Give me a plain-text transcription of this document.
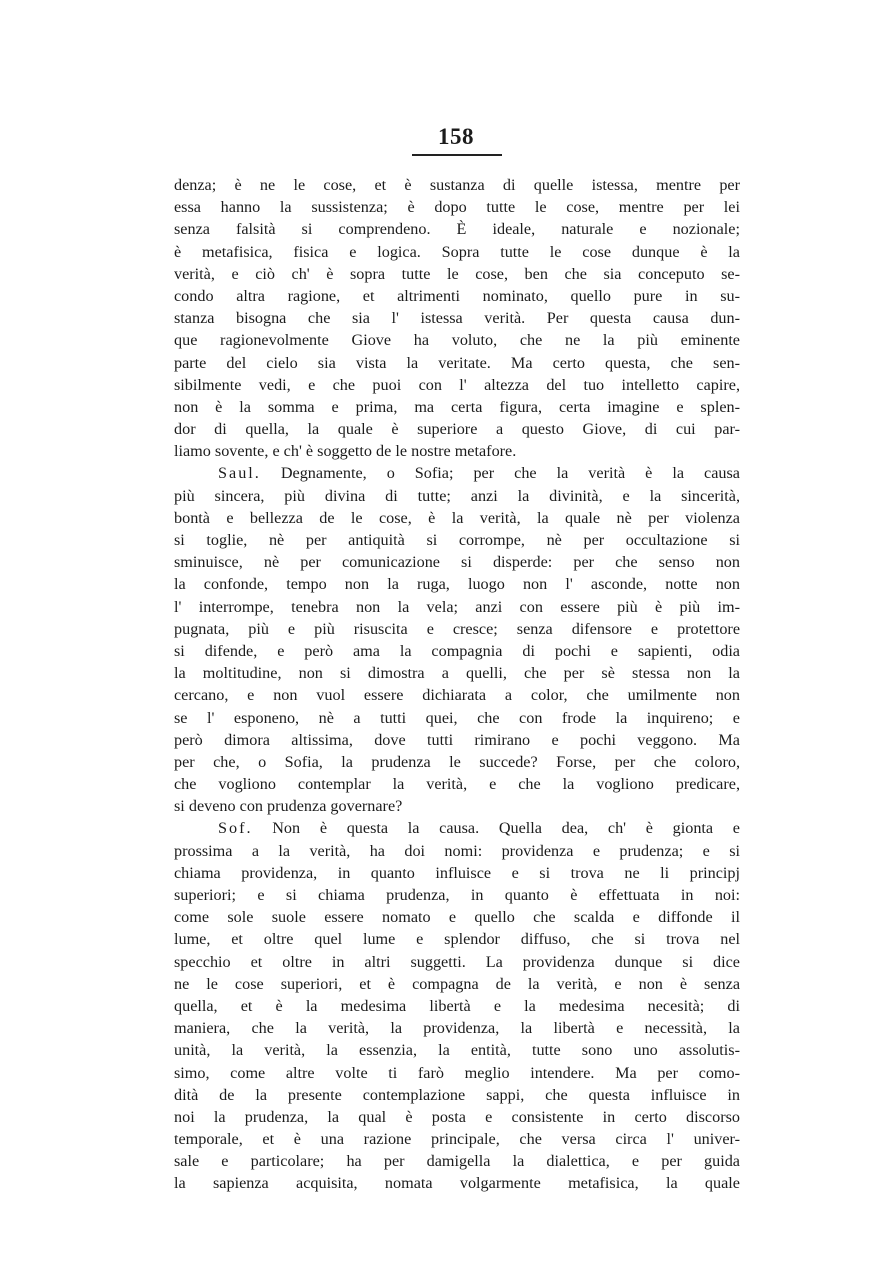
158
denza; è ne le cose, et è sustanza di quelle istessa, mentre per
essa hanno la sussistenza; è dopo tutte le cose, mentre per lei
senza falsità si comprendeno. È ideale, naturale e nozionale;
è metafisica, fisica e logica. Sopra tutte le cose dunque è la
verità, e ciò ch' è sopra tutte le cose, ben che sia conceputo se-
condo altra ragione, et altrimenti nominato, quello pure in su-
stanza bisogna che sia l' istessa verità. Per questa causa dun-
que ragionevolmente Giove ha voluto, che ne la più eminente
parte del cielo sia vista la veritate. Ma certo questa, che sen-
sibilmente vedi, e che puoi con l' altezza del tuo intelletto capire,
non è la somma e prima, ma certa figura, certa imagine e splen-
dor di quella, la quale è superiore a questo Giove, di cui par-
liamo sovente, e ch' è soggetto de le nostre metafore.
Saul. Degnamente, o Sofia; per che la verità è la causa
più sincera, più divina di tutte; anzi la divinità, e la sincerità,
bontà e bellezza de le cose, è la verità, la quale nè per violenza
si toglie, nè per antiquità si corrompe, nè per occultazione si
sminuisce, nè per comunicazione si disperde: per che senso non
la confonde, tempo non la ruga, luogo non l' asconde, notte non
l' interrompe, tenebra non la vela; anzi con essere più è più im-
pugnata, più e più risuscita e cresce; senza difensore e protettore
si difende, e però ama la compagnia di pochi e sapienti, odia
la moltitudine, non si dimostra a quelli, che per sè stessa non la
cercano, e non vuol essere dichiarata a color, che umilmente non
se l' esponeno, nè a tutti quei, che con frode la inquireno; e
però dimora altissima, dove tutti rimirano e pochi veggono. Ma
per che, o Sofia, la prudenza le succede? Forse, per che coloro,
che vogliono contemplar la verità, e che la vogliono predicare,
si deveno con prudenza governare?
Sof. Non è questa la causa. Quella dea, ch' è gionta e
prossima a la verità, ha doi nomi: providenza e prudenza; e si
chiama providenza, in quanto influisce e si trova ne li principj
superiori; e si chiama prudenza, in quanto è effettuata in noi:
come sole suole essere nomato e quello che scalda e diffonde il
lume, et oltre quel lume e splendor diffuso, che si trova nel
specchio et oltre in altri suggetti. La providenza dunque si dice
ne le cose superiori, et è compagna de la verità, e non è senza
quella, et è la medesima libertà e la medesima necesità; di
maniera, che la verità, la providenza, la libertà e necessità, la
unità, la verità, la essenzia, la entità, tutte sono uno assolutis-
simo, come altre volte ti farò meglio intendere. Ma per como-
dità de la presente contemplazione sappi, che questa influisce in
noi la prudenza, la qual è posta e consistente in certo discorso
temporale, et è una razione principale, che versa circa l' univer-
sale e particolare; ha per damigella la dialettica, e per guida
la sapienza acquisita, nomata volgarmente metafisica, la quale
